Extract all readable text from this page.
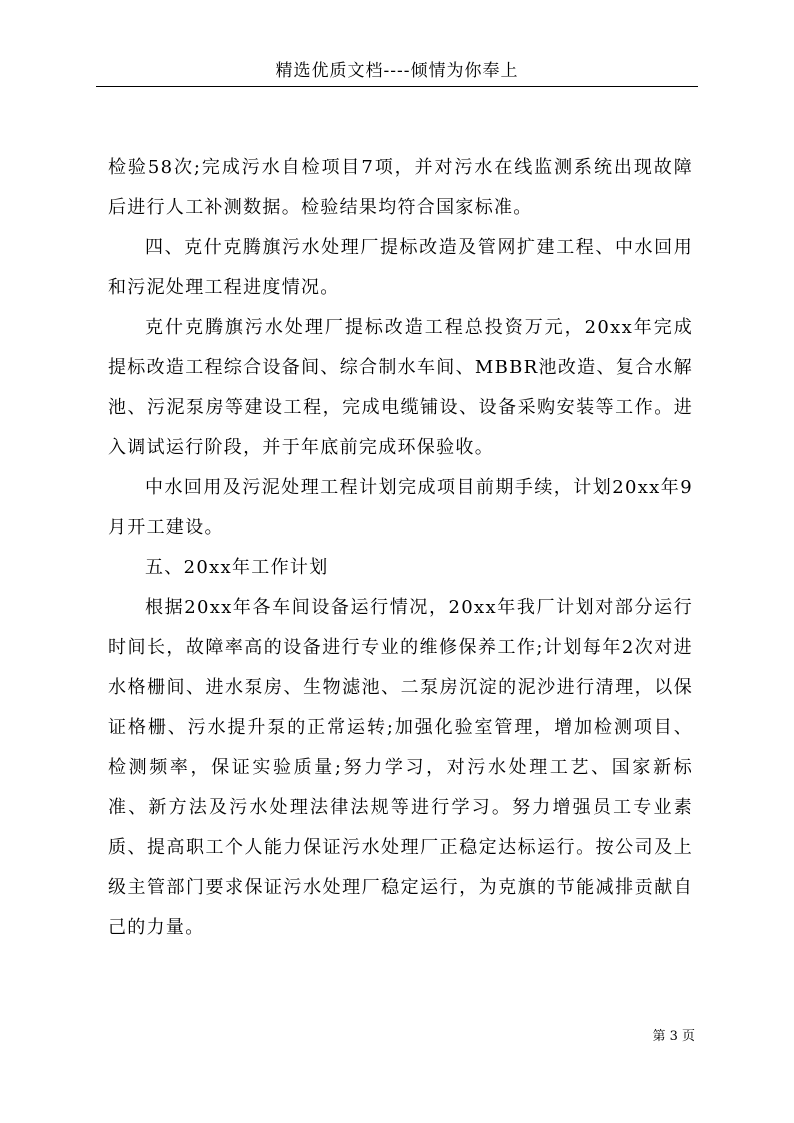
精选优质文档----倾情为你奉上

检验58次;完成污水自检项目7项，并对污水在线监测系统出现故障后进行人工补测数据。检验结果均符合国家标准。

四、克什克腾旗污水处理厂提标改造及管网扩建工程、中水回用和污泥处理工程进度情况。

克什克腾旗污水处理厂提标改造工程总投资万元，20xx年完成提标改造工程综合设备间、综合制水车间、MBBR池改造、复合水解池、污泥泵房等建设工程，完成电缆铺设、设备采购安装等工作。进入调试运行阶段，并于年底前完成环保验收。

中水回用及污泥处理工程计划完成项目前期手续，计划20xx年9月开工建设。

五、20xx年工作计划

根据20xx年各车间设备运行情况，20xx年我厂计划对部分运行时间长，故障率高的设备进行专业的维修保养工作;计划每年2次对进水格栅间、进水泵房、生物滤池、二泵房沉淀的泥沙进行清理，以保证格栅、污水提升泵的正常运转;加强化验室管理，增加检测项目、检测频率，保证实验质量;努力学习，对污水处理工艺、国家新标准、新方法及污水处理法律法规等进行学习。努力增强员工专业素质、提高职工个人能力保证污水处理厂正稳定达标运行。按公司及上级主管部门要求保证污水处理厂稳定运行，为克旗的节能减排贡献自己的力量。

第 3 页
